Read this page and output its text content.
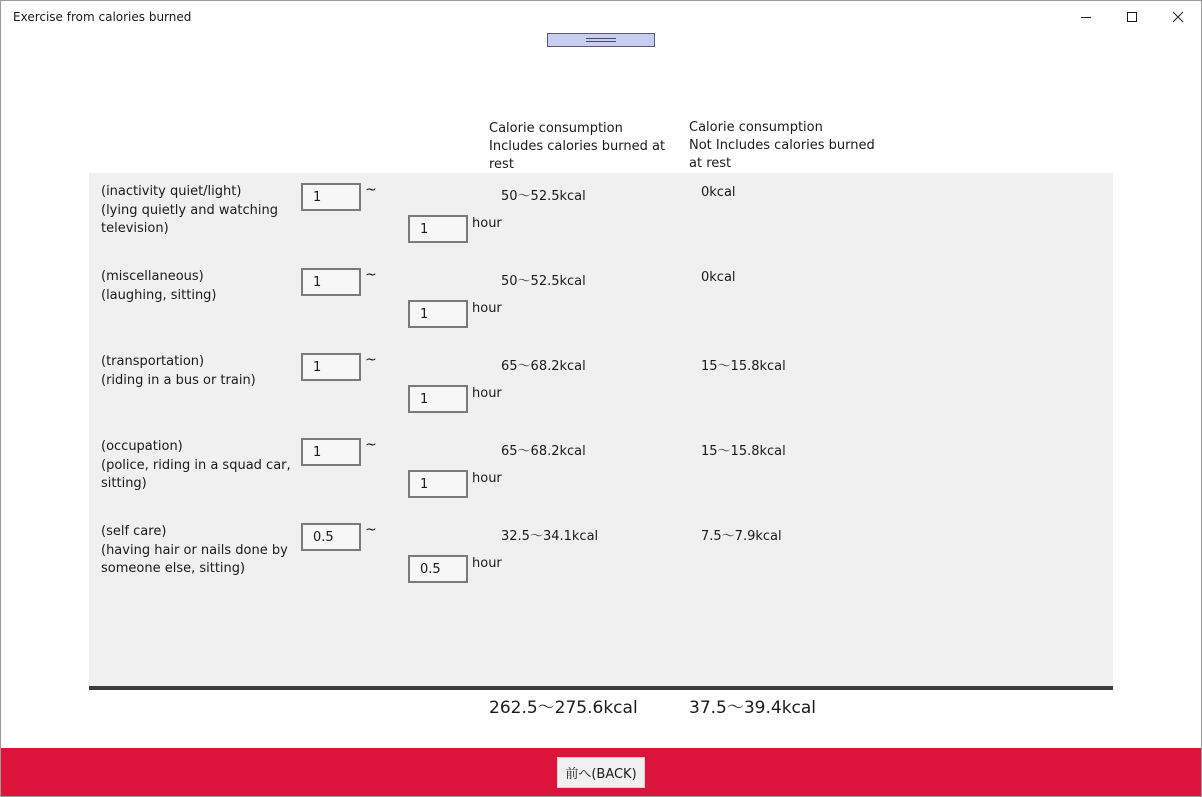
Exercise from calories burned
Calorie consumption
Includes calories burned at rest
Calorie consumption
Not Includes calories burned at rest
(inactivity quiet/light)
(lying quietly and watching television)
1
~
1
hour
50〜52.5kcal	0kcal
(miscellaneous)
(laughing, sitting)
1
~
1
hour
50〜52.5kcal	0kcal
(transportation)
(riding in a bus or train)
1
~
1
hour
65〜68.2kcal	15〜15.8kcal
(occupation)
(police, riding in a squad car, sitting)
1
~
1
hour
65〜68.2kcal	15〜15.8kcal
(self care)
(having hair or nails done by someone else, sitting)
0.5
~
0.5
hour
32.5〜34.1kcal	7.5〜7.9kcal
262.5〜275.6kcal	37.5〜39.4kcal
前へ(BACK)
